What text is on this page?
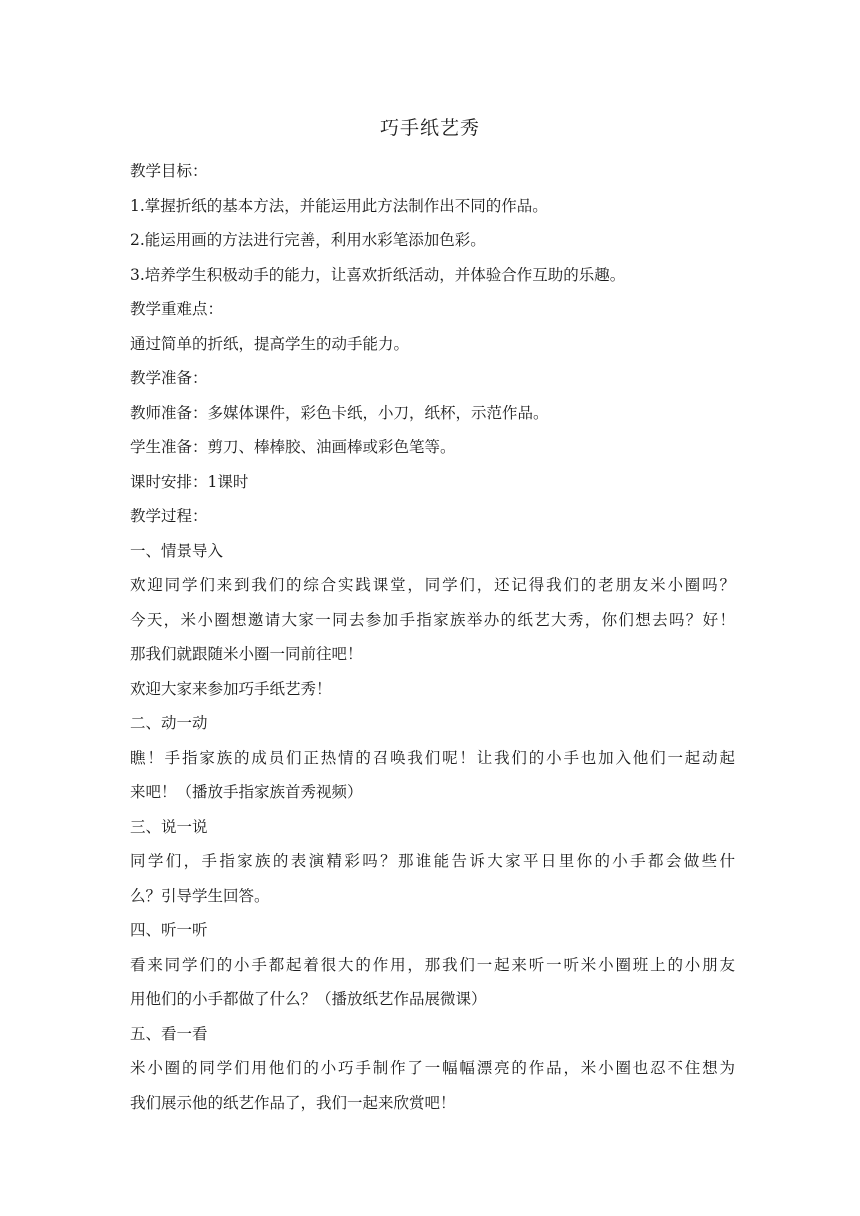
巧手纸艺秀
教学目标：
1.掌握折纸的基本方法，并能运用此方法制作出不同的作品。
2.能运用画的方法进行完善，利用水彩笔添加色彩。
3.培养学生积极动手的能力，让喜欢折纸活动，并体验合作互助的乐趣。
教学重难点：
通过简单的折纸，提高学生的动手能力。
教学准备：
教师准备：多媒体课件，彩色卡纸，小刀，纸杯，示范作品。
学生准备：剪刀、棒棒胶、油画棒或彩色笔等。
课时安排：1课时
教学过程：
一、情景导入
欢迎同学们来到我们的综合实践课堂，同学们，还记得我们的老朋友米小圈吗？
今天，米小圈想邀请大家一同去参加手指家族举办的纸艺大秀，你们想去吗？好！
那我们就跟随米小圈一同前往吧！
欢迎大家来参加巧手纸艺秀！
二、动一动
瞧！手指家族的成员们正热情的召唤我们呢！让我们的小手也加入他们一起动起
来吧！（播放手指家族首秀视频）
三、说一说
同学们，手指家族的表演精彩吗？那谁能告诉大家平日里你的小手都会做些什
么？引导学生回答。
四、听一听
看来同学们的小手都起着很大的作用，那我们一起来听一听米小圈班上的小朋友
用他们的小手都做了什么？（播放纸艺作品展微课）
五、看一看
米小圈的同学们用他们的小巧手制作了一幅幅漂亮的作品，米小圈也忍不住想为
我们展示他的纸艺作品了，我们一起来欣赏吧！
